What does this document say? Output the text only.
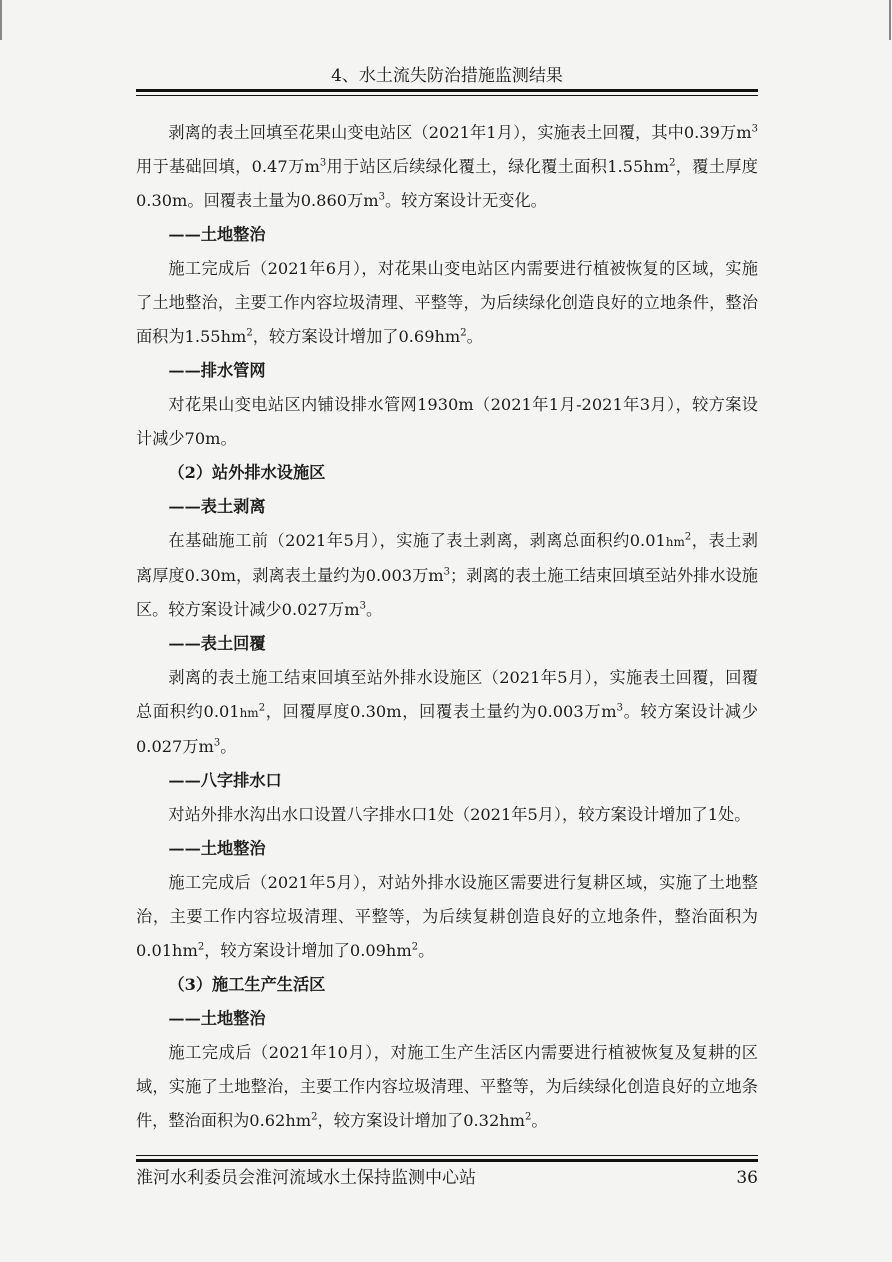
4、水土流失防治措施监测结果

剥离的表土回填至花果山变电站区（2021年1月），实施表土回覆，其中0.39万$m^3$用于基础回填，0.47万$m^3$用于站区后续绿化覆土，绿化覆土面积$1.55hm^2$，覆土厚度0.30m。回覆表土量为0.860万$m^3$。较方案设计无变化。

——土地整治

施工完成后（2021年6月），对花果山变电站区内需要进行植被恢复的区域，实施了土地整治，主要工作内容垃圾清理、平整等，为后续绿化创造良好的立地条件，整治面积为$1.55hm^2$，较方案设计增加了$0.69hm^2$。

——排水管网

对花果山变电站区内铺设排水管网1930m（2021年1月-2021年3月），较方案设计减少70m。

（2）站外排水设施区

——表土剥离

在基础施工前（2021年5月），实施了表土剥离，剥离总面积约$0.01hm^2$，表土剥离厚度0.30m，剥离表土量约为0.003万$m^3$；剥离的表土施工结束回填至站外排水设施区。较方案设计减少0.027万$m^3$。

——表土回覆

剥离的表土施工结束回填至站外排水设施区（2021年5月），实施表土回覆，回覆总面积约$0.01hm^2$，回覆厚度0.30m，回覆表土量约为0.003万$m^3$。较方案设计减少0.027万$m^3$。

——八字排水口

对站外排水沟出水口设置八字排水口1处（2021年5月），较方案设计增加了1处。

——土地整治

施工完成后（2021年5月），对站外排水设施区需要进行复耕区域，实施了土地整治，主要工作内容垃圾清理、平整等，为后续复耕创造良好的立地条件，整治面积为$0.01hm^2$，较方案设计增加了$0.09hm^2$。

（3）施工生产生活区

——土地整治

施工完成后（2021年10月），对施工生产生活区内需要进行植被恢复及复耕的区域，实施了土地整治，主要工作内容垃圾清理、平整等，为后续绿化创造良好的立地条件，整治面积为$0.62hm^2$，较方案设计增加了$0.32hm^2$。

淮河水利委员会淮河流域水土保持监测中心站	36
